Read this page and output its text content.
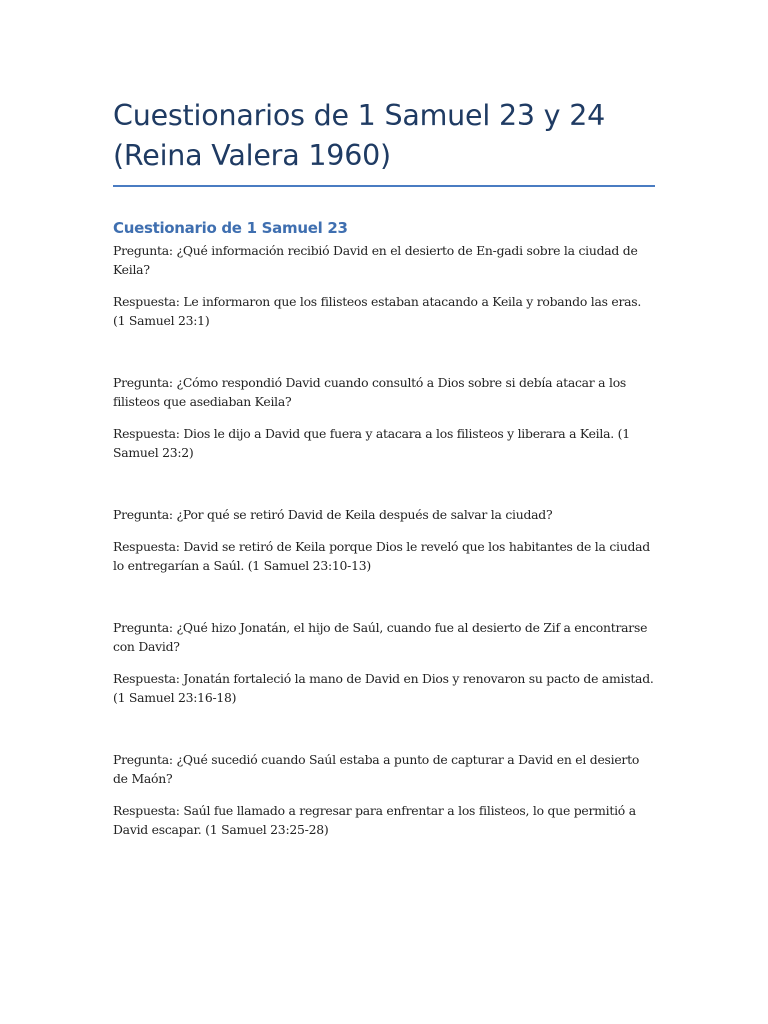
Cuestionarios de 1 Samuel 23 y 24
(Reina Valera 1960)
Cuestionario de 1 Samuel 23

Pregunta: ¿Qué información recibió David en el desierto de En-gadi sobre la ciudad de Keila?

Respuesta: Le informaron que los filisteos estaban atacando a Keila y robando las eras. (1 Samuel 23:1)

Pregunta: ¿Cómo respondió David cuando consultó a Dios sobre si debía atacar a los filisteos que asediaban Keila?

Respuesta: Dios le dijo a David que fuera y atacara a los filisteos y liberara a Keila. (1 Samuel 23:2)

Pregunta: ¿Por qué se retiró David de Keila después de salvar la ciudad?

Respuesta: David se retiró de Keila porque Dios le reveló que los habitantes de la ciudad lo entregarían a Saúl. (1 Samuel 23:10-13)

Pregunta: ¿Qué hizo Jonatán, el hijo de Saúl, cuando fue al desierto de Zif a encontrarse con David?

Respuesta: Jonatán fortaleció la mano de David en Dios y renovaron su pacto de amistad. (1 Samuel 23:16-18)

Pregunta: ¿Qué sucedió cuando Saúl estaba a punto de capturar a David en el desierto de Maón?

Respuesta: Saúl fue llamado a regresar para enfrentar a los filisteos, lo que permitió a David escapar. (1 Samuel 23:25-28)
